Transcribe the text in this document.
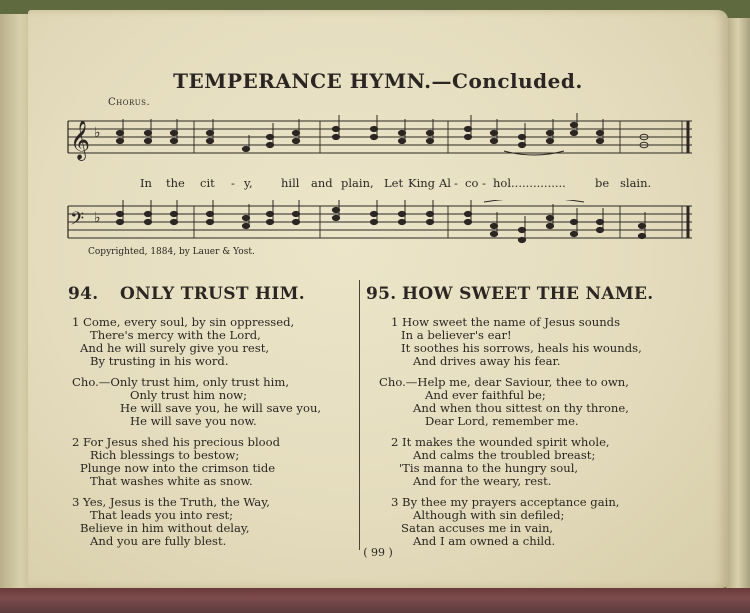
TEMPERANCE HYMN.—Concluded.
Chorus.
𝄞 ♭
In the cit - y, hill and plain, Let King Al - co - hol...............	be slain.
𝄢 ♭
Copyrighted, 1884, by Lauer & Yost.
94. ONLY TRUST HIM.	95. HOW SWEET THE NAME.
1 Come, every soul, by sin oppressed,
There's mercy with the Lord,
And he will surely give you rest,
By trusting in his word.
Cho.—Only trust him, only trust him,
Only trust him now;
He will save you, he will save you,
He will save you now.
2 For Jesus shed his precious blood
Rich blessings to bestow;
Plunge now into the crimson tide
That washes white as snow.
3 Yes, Jesus is the Truth, the Way,
That leads you into rest;
Believe in him without delay,
And you are fully blest.
1 How sweet the name of Jesus sounds
In a believer's ear!
It soothes his sorrows, heals his wounds,
And drives away his fear.
Cho.—Help me, dear Saviour, thee to own,
And ever faithful be;
And when thou sittest on thy throne,
Dear Lord, remember me.
2 It makes the wounded spirit whole,
And calms the troubled breast;
'Tis manna to the hungry soul,
And for the weary, rest.
3 By thee my prayers acceptance gain,
Although with sin defiled;
Satan accuses me in vain,
And I am owned a child.
( 99 )
